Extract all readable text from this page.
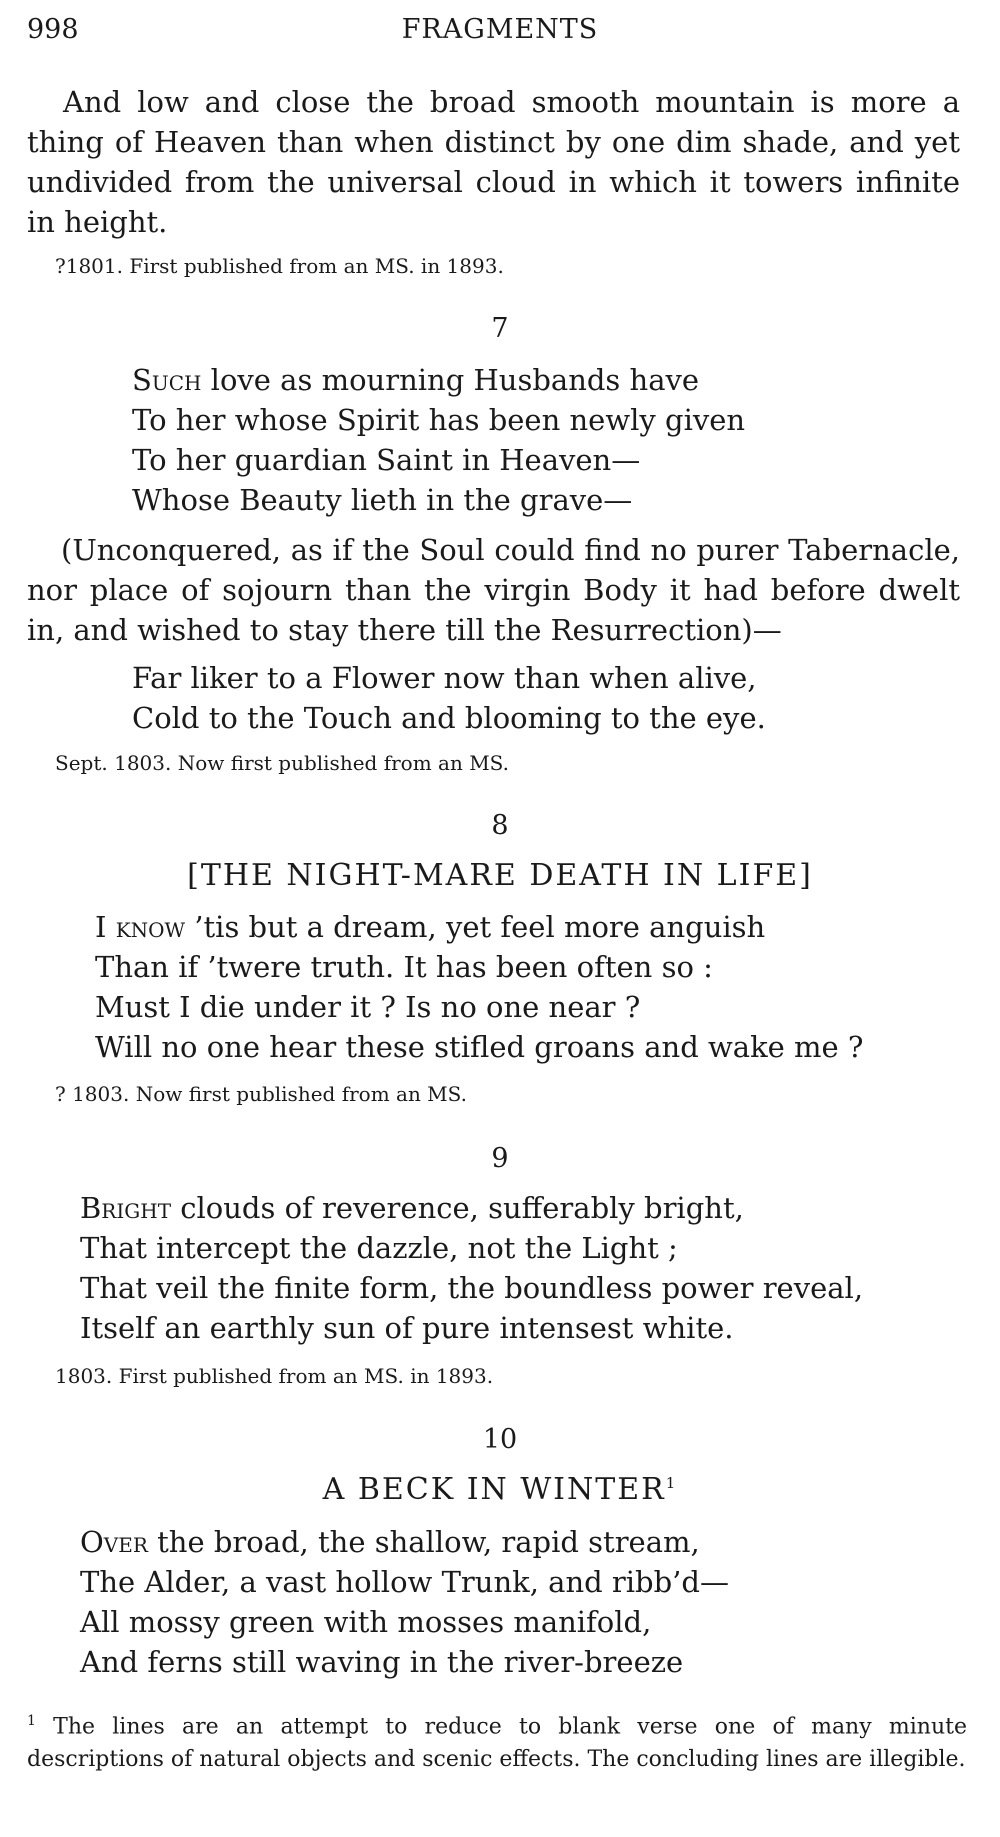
998	FRAGMENTS
And low and close the broad smooth mountain is more a thing of Heaven than when distinct by one dim shade, and yet undivided from the universal cloud in which it towers infinite in height.
?1801. First published from an MS. in 1893.
7
Such love as mourning Husbands have
To her whose Spirit has been newly given
To her guardian Saint in Heaven—
Whose Beauty lieth in the grave—
(Unconquered, as if the Soul could find no purer Tabernacle, nor place of sojourn than the virgin Body it had before dwelt in, and wished to stay there till the Resurrection)—
Far liker to a Flower now than when alive,
Cold to the Touch and blooming to the eye.
Sept. 1803. Now first published from an MS.
8
[THE NIGHT-MARE DEATH IN LIFE]
I know ’tis but a dream, yet feel more anguish
Than if ’twere truth. It has been often so :
Must I die under it ? Is no one near ?
Will no one hear these stifled groans and wake me ?
? 1803. Now first published from an MS.
9
Bright clouds of reverence, sufferably bright,
That intercept the dazzle, not the Light ;
That veil the finite form, the boundless power reveal,
Itself an earthly sun of pure intensest white.
1803. First published from an MS. in 1893.
10
A BECK IN WINTER$^1$
Over the broad, the shallow, rapid stream,
The Alder, a vast hollow Trunk, and ribb’d—
All mossy green with mosses manifold,
And ferns still waving in the river-breeze
$^1$ The lines are an attempt to reduce to blank verse one of many minute descriptions of natural objects and scenic effects. The concluding lines are illegible.
